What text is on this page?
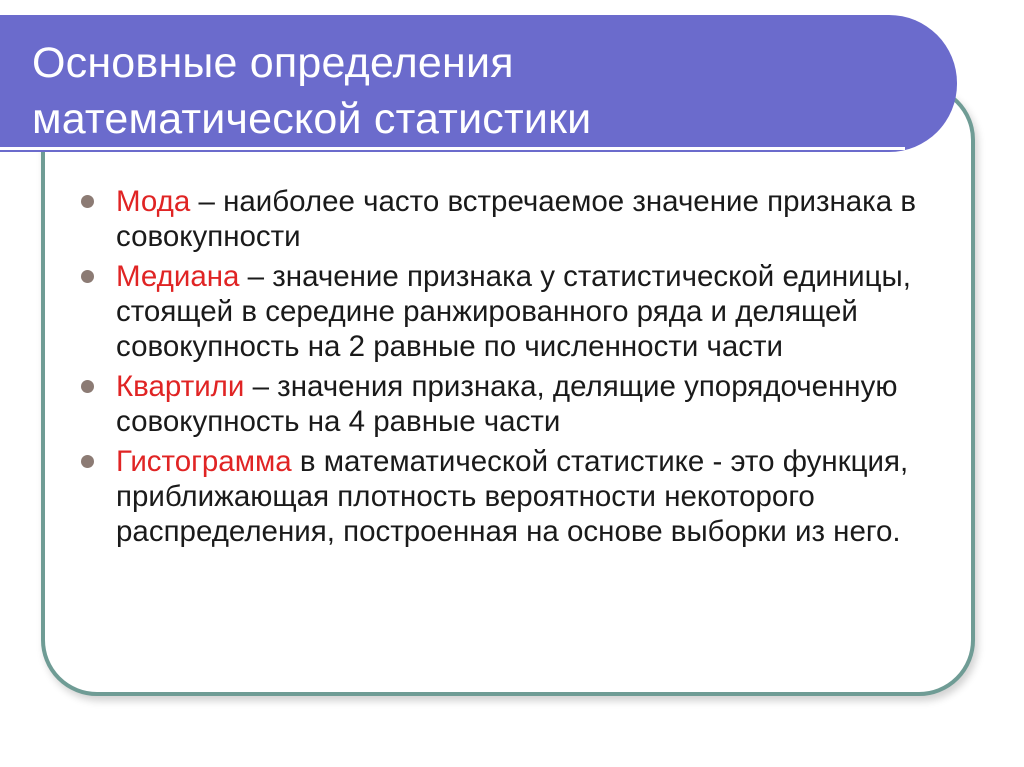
Основные определения
математической статистики
Мода – наиболее часто встречаемое значение признака в совокупности
Медиана – значение признака у статистической единицы, стоящей в середине ранжированного ряда и делящей совокупность на 2 равные по численности части
Квартили – значения признака, делящие упорядоченную совокупность на 4 равные части
Гистограмма в математической статистике - это функция, приближающая плотность вероятности некоторого распределения, построенная на основе выборки из него.
